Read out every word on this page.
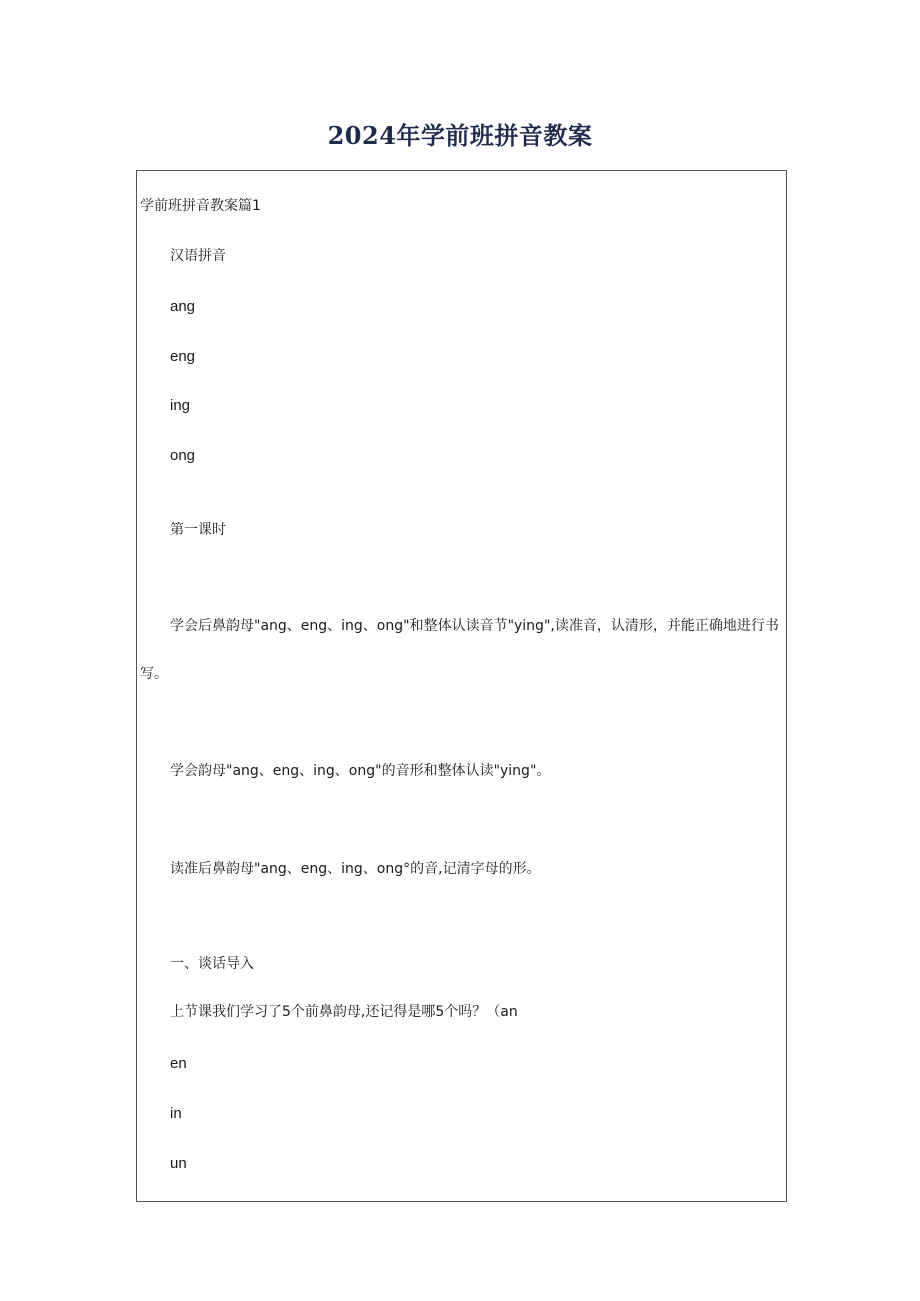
2024年学前班拼音教案
学前班拼音教案篇1
汉语拼音
ang
eng
ing
ong
第一课时
学会后鼻韵母"ang、eng、ing、ong"和整体认读音节"ying",读准音，认清形，并能正确地进行书写。
学会韵母"ang、eng、ing、ong"的音形和整体认读"ying"。
读准后鼻韵母"ang、eng、ing、ong°的音,记清字母的形。
一、谈话导入
上节课我们学习了5个前鼻韵母,还记得是哪5个吗？（an
en
in
un
